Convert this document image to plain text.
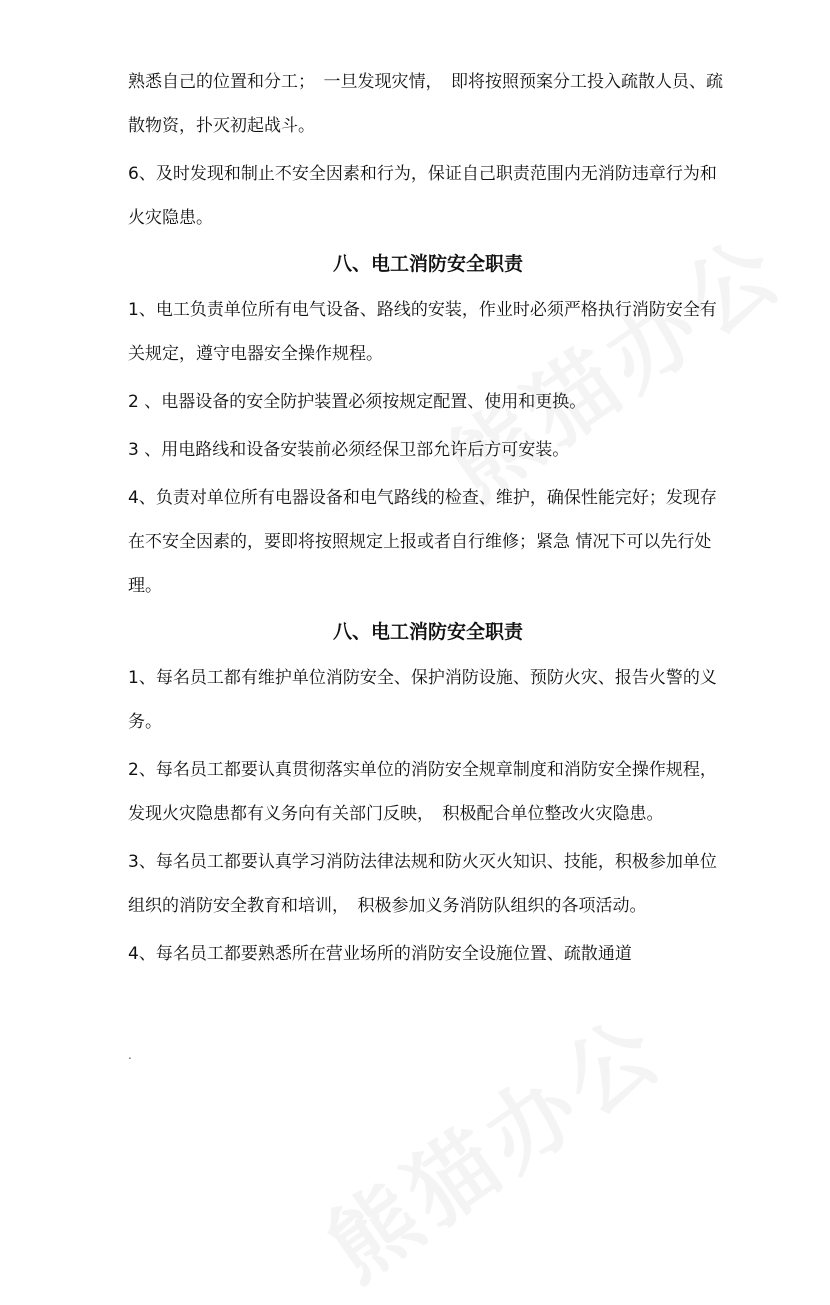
熟悉自己的位置和分工；　一旦发现灾情，　即将按照预案分工投入疏散人员、疏散物资，扑灭初起战斗。

6、及时发现和制止不安全因素和行为，保证自己职责范围内无消防违章行为和火灾隐患。

八、电工消防安全职责

1、电工负责单位所有电气设备、路线的安装，作业时必须严格执行消防安全有关规定，遵守电器安全操作规程。

2 、电器设备的安全防护装置必须按规定配置、使用和更换。

3 、用电路线和设备安装前必须经保卫部允许后方可安装。

4、负责对单位所有电器设备和电气路线的检查、维护，确保性能完好；发现存在不安全因素的，要即将按照规定上报或者自行维修；紧急 情况下可以先行处理。

八、电工消防安全职责

1、每名员工都有维护单位消防安全、保护消防设施、预防火灾、报告火警的义务。

2、每名员工都要认真贯彻落实单位的消防安全规章制度和消防安全操作规程，　发现火灾隐患都有义务向有关部门反映，　积极配合单位整改火灾隐患。

3、每名员工都要认真学习消防法律法规和防火灭火知识、技能，积极参加单位组织的消防安全教育和培训，　积极参加义务消防队组织的各项活动。

4、每名员工都要熟悉所在营业场所的消防安全设施位置、疏散通道

.
